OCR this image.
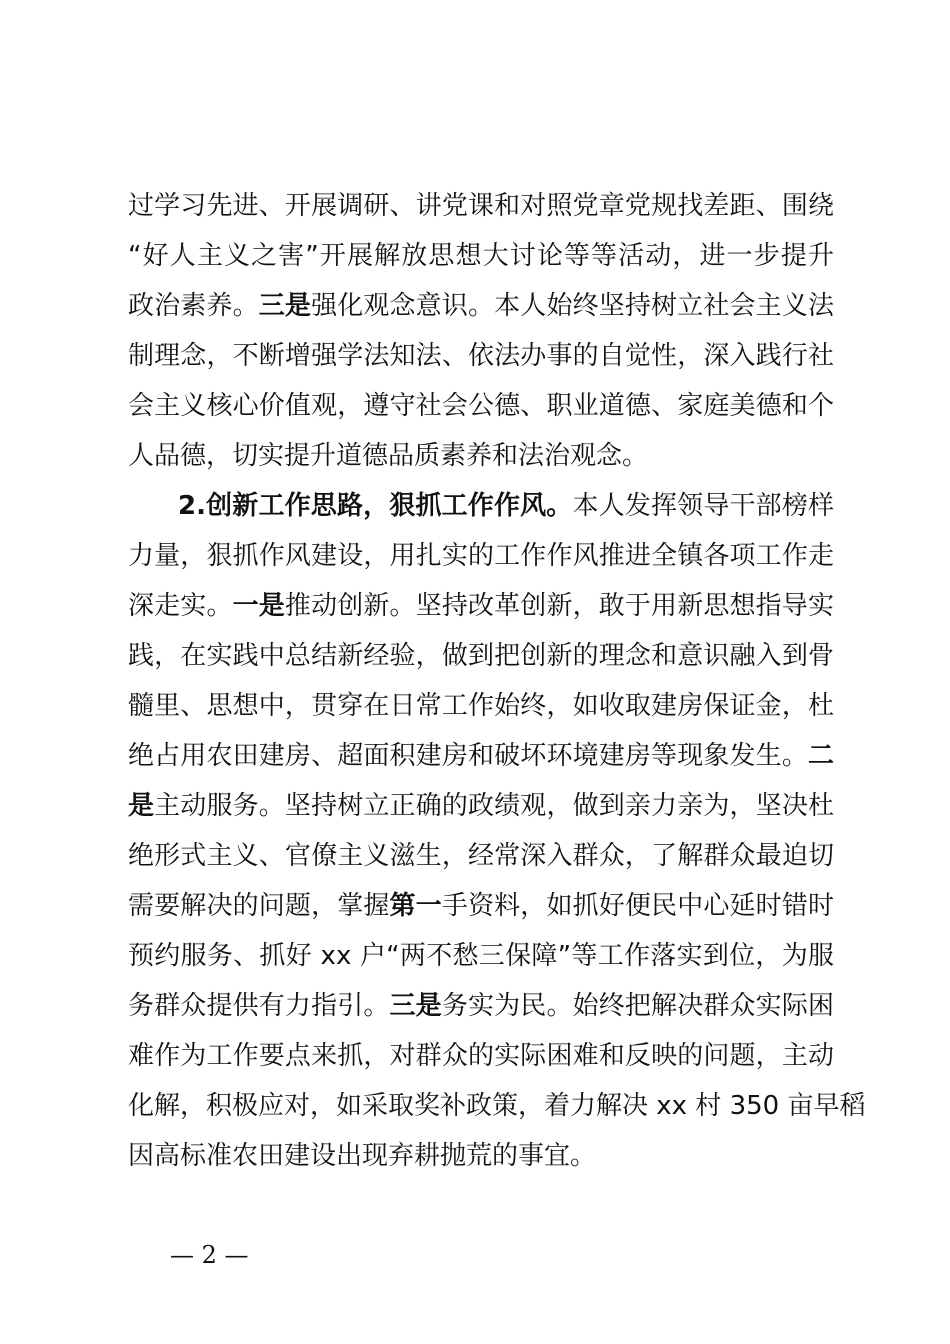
过学习先进、开展调研、讲党课和对照党章党规找差距、围绕
“好人主义之害”开展解放思想大讨论等等活动，进一步提升
政治素养。三是强化观念意识。本人始终坚持树立社会主义法
制理念，不断增强学法知法、依法办事的自觉性，深入践行社
会主义核心价值观，遵守社会公德、职业道德、家庭美德和个
人品德，切实提升道德品质素养和法治观念。
2.创新工作思路，狠抓工作作风。本人发挥领导干部榜样
力量，狠抓作风建设，用扎实的工作作风推进全镇各项工作走
深走实。一是推动创新。坚持改革创新，敢于用新思想指导实
践，在实践中总结新经验，做到把创新的理念和意识融入到骨
髓里、思想中，贯穿在日常工作始终，如收取建房保证金，杜
绝占用农田建房、超面积建房和破坏环境建房等现象发生。二
是主动服务。坚持树立正确的政绩观，做到亲力亲为，坚决杜
绝形式主义、官僚主义滋生，经常深入群众，了解群众最迫切
需要解决的问题，掌握第一手资料，如抓好便民中心延时错时
预约服务、抓好 xx 户“两不愁三保障”等工作落实到位，为服
务群众提供有力指引。三是务实为民。始终把解决群众实际困
难作为工作要点来抓，对群众的实际困难和反映的问题，主动
化解，积极应对，如采取奖补政策，着力解决 xx 村 350 亩早稻
因高标准农田建设出现弃耕抛荒的事宜。
— 2 —
